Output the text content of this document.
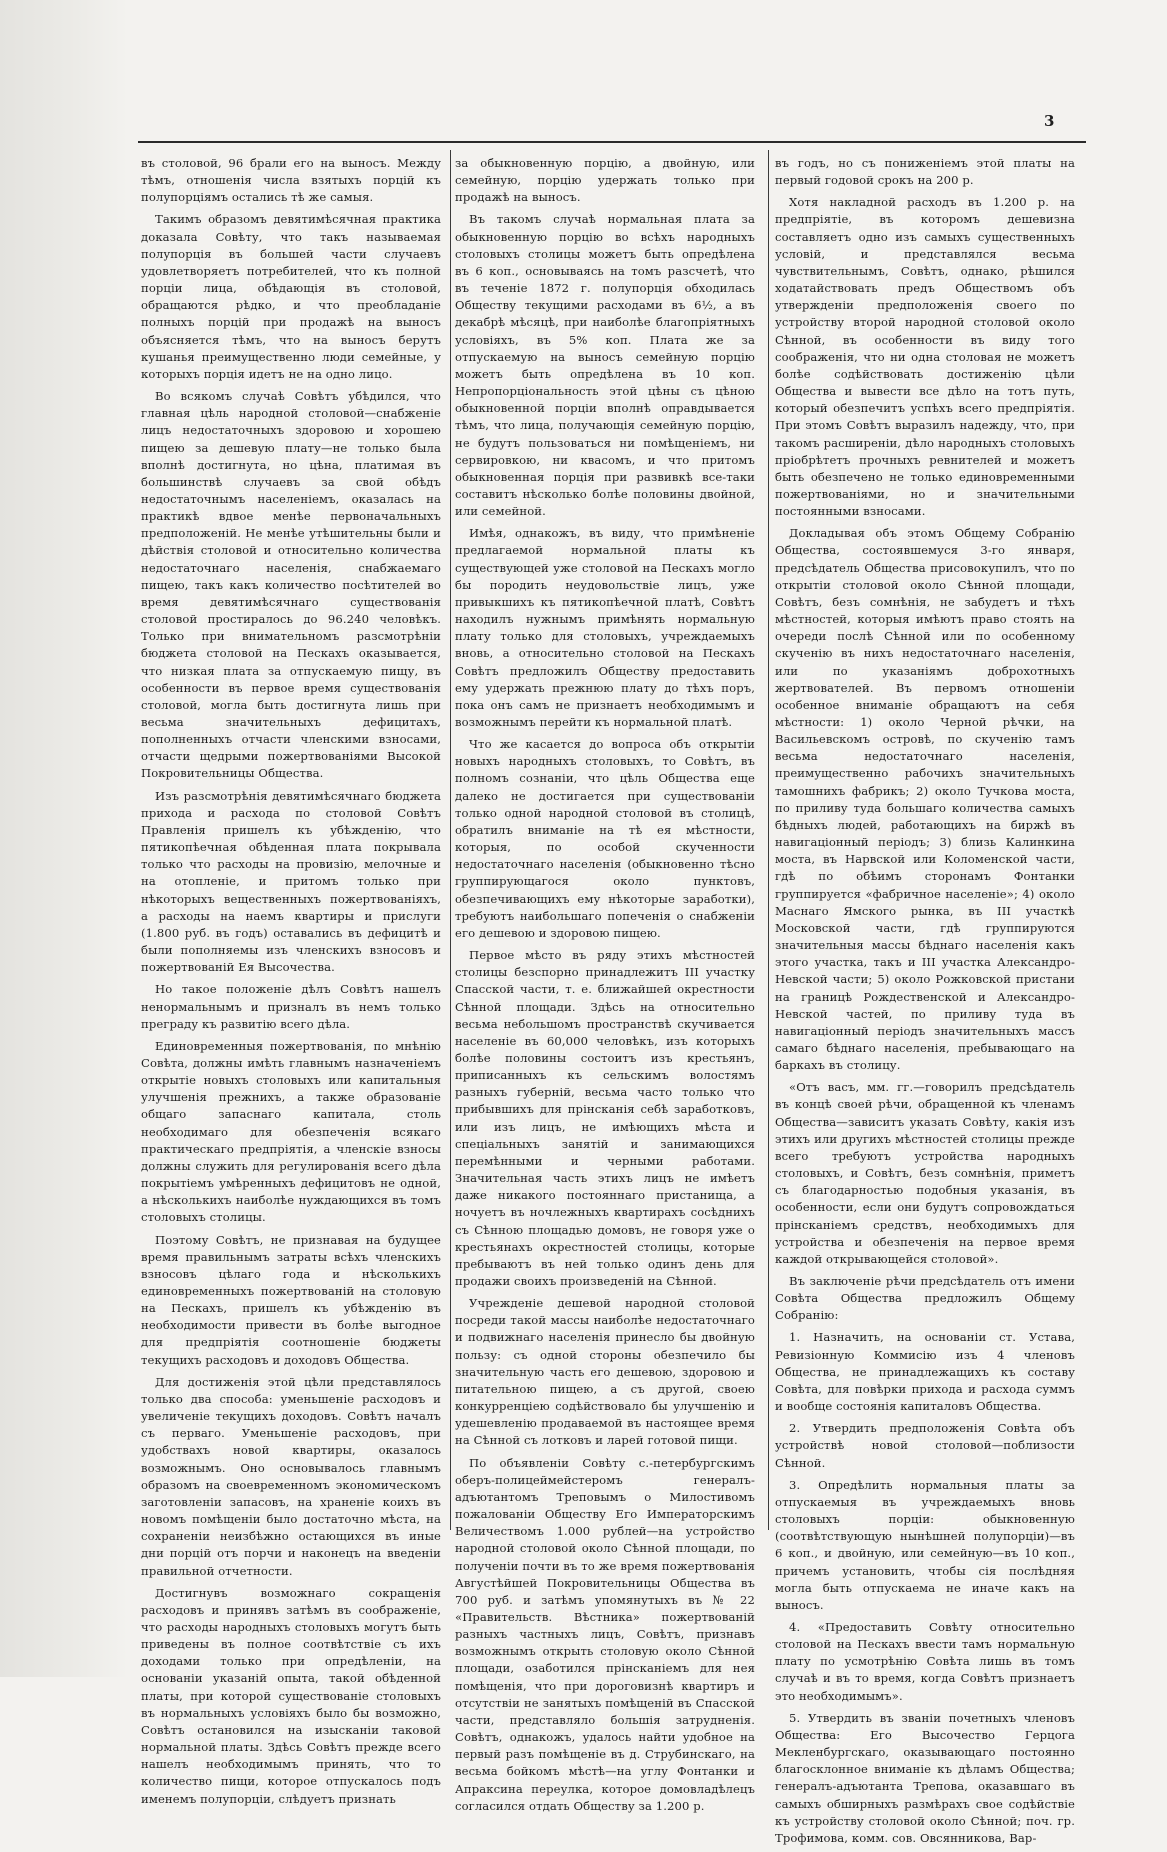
3

въ столовой, 96 брали его на выносъ. Между тѣмъ, отношенія числа взятыхъ порцій къ полупорціямъ остались тѣ же самыя.

Такимъ образомъ девятимѣсячная практика доказала Совѣту, что такъ называемая полупорція въ большей части случаевъ удовлетворяетъ потребителей, что къ полной порціи лица, обѣдающія въ столовой, обращаются рѣдко, и что преобладаніе полныхъ порцій при продажѣ на выносъ объясняется тѣмъ, что на выносъ берутъ кушанья преимущественно люди семейные, у которыхъ порція идетъ не на одно лицо.

Во всякомъ случаѣ Совѣтъ убѣдился, что главная цѣль народной столовой—снабженіе лицъ недостаточныхъ здоровою и хорошею пищею за дешевую плату—не только была вполнѣ достигнута, но цѣна, платимая въ большинствѣ случаевъ за свой обѣдъ недостаточнымъ населеніемъ, оказалась на практикѣ вдвое менѣе первоначальныхъ предположеній. Не менѣе утѣшительны были и дѣйствія столовой и относительно количества недостаточнаго населенія, снабжаемаго пищею, такъ какъ количество посѣтителей во время девятимѣсячнаго существованія столовой простиралось до 96.240 человѣкъ. Только при внимательномъ разсмотрѣніи бюджета столовой на Пескахъ оказывается, что низкая плата за отпускаемую пищу, въ особенности въ первое время существованія столовой, могла быть достигнута лишь при весьма значительныхъ дефицитахъ, пополненныхъ отчасти членскими взносами, отчасти щедрыми пожертвованіями Высокой Покровительницы Общества.

Изъ разсмотрѣнія девятимѣсячнаго бюджета прихода и расхода по столовой Совѣтъ Правленія пришелъ къ убѣжденію, что пятикопѣечная обѣденная плата покрывала только что расходы на провизію, мелочные и на отопленіе, и притомъ только при нѣкоторыхъ вещественныхъ пожертвованіяхъ, а расходы на наемъ квартиры и прислуги (1.800 руб. въ годъ) оставались въ дефицитѣ и были пополняемы изъ членскихъ взносовъ и пожертвованій Ея Высочества.

Но такое положеніе дѣлъ Совѣтъ нашелъ ненормальнымъ и призналъ въ немъ только преграду къ развитію всего дѣла.

Единовременныя пожертвованія, по мнѣнію Совѣта, должны имѣть главнымъ назначеніемъ открытіе новыхъ столовыхъ или капитальныя улучшенія прежнихъ, а также образованіе общаго запаснаго капитала, столь необходимаго для обезпеченія всякаго практическаго предпріятія, а членскіе взносы должны служить для регулированія всего дѣла покрытіемъ умѣренныхъ дефицитовъ не одной, а нѣсколькихъ наиболѣе нуждающихся въ томъ столовыхъ столицы.

Поэтому Совѣтъ, не признавая на будущее время правильнымъ затраты всѣхъ членскихъ взносовъ цѣлаго года и нѣсколькихъ единовременныхъ пожертвованій на столовую на Пескахъ, пришелъ къ убѣжденію въ необходимости привести въ болѣе выгодное для предпріятія соотношеніе бюджеты текущихъ расходовъ и доходовъ Общества.

Для достиженія этой цѣли представлялось только два способа: уменьшеніе расходовъ и увеличеніе текущихъ доходовъ. Совѣтъ началъ съ перваго. Уменьшеніе расходовъ, при удобствахъ новой квартиры, оказалось возможнымъ. Оно основывалось главнымъ образомъ на своевременномъ экономическомъ заготовленіи запасовъ, на храненіе коихъ въ новомъ помѣщеніи было достаточно мѣста, на сохраненіи неизбѣжно остающихся въ иные дни порцій отъ порчи и наконецъ на введеніи правильной отчетности.

Достигнувъ возможнаго сокращенія расходовъ и принявъ затѣмъ въ соображеніе, что расходы народныхъ столовыхъ могутъ быть приведены въ полное соотвѣтствіе съ ихъ доходами только при опредѣленіи, на основаніи указаній опыта, такой обѣденной платы, при которой существованіе столовыхъ въ нормальныхъ условіяхъ было бы возможно, Совѣтъ остановился на изысканіи таковой нормальной платы. Здѣсь Совѣтъ прежде всего нашелъ необходимымъ принять, что то количество пищи, которое отпускалось подъ именемъ полупорціи, слѣдуетъ признать

за обыкновенную порцію, а двойную, или семейную, порцію удержать только при продажѣ на выносъ.

Въ такомъ случаѣ нормальная плата за обыкновенную порцію во всѣхъ народныхъ столовыхъ столицы можетъ быть опредѣлена въ 6 коп., основываясь на томъ разсчетѣ, что въ теченіе 1872 г. полупорція обходилась Обществу текущими расходами въ 6½, а въ декабрѣ мѣсяцѣ, при наиболѣе благопріятныхъ условіяхъ, въ 5% коп. Плата же за отпускаемую на выносъ семейную порцію можетъ быть опредѣлена въ 10 коп. Непропорціональность этой цѣны съ цѣною обыкновенной порціи вполнѣ оправдывается тѣмъ, что лица, получающія семейную порцію, не будутъ пользоваться ни помѣщеніемъ, ни сервировкою, ни квасомъ, и что притомъ обыкновенная порція при развивкѣ все-таки составитъ нѣсколько болѣе половины двойной, или семейной.

Имѣя, однакожъ, въ виду, что примѣненіе предлагаемой нормальной платы къ существующей уже столовой на Пескахъ могло бы породить неудовольствіе лицъ, уже привыкшихъ къ пятикопѣечной платѣ, Совѣтъ находилъ нужнымъ примѣнять нормальную плату только для столовыхъ, учреждаемыхъ вновь, а относительно столовой на Пескахъ Совѣтъ предложилъ Обществу предоставить ему удержать прежнюю плату до тѣхъ поръ, пока онъ самъ не признаетъ необходимымъ и возможнымъ перейти къ нормальной платѣ.

Что же касается до вопроса объ открытіи новыхъ народныхъ столовыхъ, то Совѣтъ, въ полномъ сознаніи, что цѣль Общества еще далеко не достигается при существованіи только одной народной столовой въ столицѣ, обратилъ вниманіе на тѣ ея мѣстности, которыя, по особой скученности недостаточнаго населенія (обыкновенно тѣсно группирующагося около пунктовъ, обезпечивающихъ ему нѣкоторые заработки), требуютъ наибольшаго попеченія о снабженіи его дешевою и здоровою пищею.

Первое мѣсто въ ряду этихъ мѣстностей столицы безспорно принадлежитъ III участку Спасской части, т. е. ближайшей окрестности Сѣнной площади. Здѣсь на относительно весьма небольшомъ пространствѣ скучивается населеніе въ 60,000 человѣкъ, изъ которыхъ болѣе половины состоитъ изъ крестьянъ, приписанныхъ къ сельскимъ волостямъ разныхъ губерній, весьма часто только что прибывшихъ для прінсканія себѣ заработковъ, или изъ лицъ, не имѣющихъ мѣста и спеціальныхъ занятій и занимающихся перемѣнными и черными работами. Значительная часть этихъ лицъ не имѣетъ даже никакого постояннаго пристанища, а ночуетъ въ ночлежныхъ квартирахъ сосѣднихъ съ Сѣнною площадью домовъ, не говоря уже о крестьянахъ окрестностей столицы, которые пребываютъ въ ней только одинъ день для продажи своихъ произведеній на Сѣнной.

Учрежденіе дешевой народной столовой посреди такой массы наиболѣе недостаточнаго и подвижнаго населенія принесло бы двойную пользу: съ одной стороны обезпечило бы значительную часть его дешевою, здоровою и питательною пищею, а съ другой, своею конкурренціею содѣйствовало бы улучшенію и удешевленію продаваемой въ настоящее время на Сѣнной съ лотковъ и ларей готовой пищи.

По объявленіи Совѣту с.-петербургскимъ оберъ-полицеймейстеромъ генералъ-адъютантомъ Треповымъ о Милостивомъ пожалованіи Обществу Его Императорскимъ Величествомъ 1.000 рублей—на устройство народной столовой около Сѣнной площади, по полученіи почти въ то же время пожертвованія Августѣйшей Покровительницы Общества въ 700 руб. и затѣмъ упомянутыхъ въ № 22 «Правительств. Вѣстника» пожертвованій разныхъ частныхъ лицъ, Совѣтъ, признавъ возможнымъ открыть столовую около Сѣнной площади, озаботился прінсканіемъ для нея помѣщенія, что при дороговизнѣ квартиръ и отсутствіи не занятыхъ помѣщеній въ Спасской части, представляло большія затрудненія. Совѣтъ, однакожъ, удалось найти удобное на первый разъ помѣщеніе въ д. Струбинскаго, на весьма бойкомъ мѣстѣ—на углу Фонтанки и Апраксина переулка, которое домовладѣлецъ согласился отдать Обществу за 1.200 р.

въ годъ, но съ пониженіемъ этой платы на первый годовой срокъ на 200 р.

Хотя накладной расходъ въ 1.200 р. на предпріятіе, въ которомъ дешевизна составляетъ одно изъ самыхъ существенныхъ условій, и представлялся весьма чувствительнымъ, Совѣтъ, однако, рѣшился ходатайствовать предъ Обществомъ объ утвержденіи предположенія своего по устройству второй народной столовой около Сѣнной, въ особенности въ виду того соображенія, что ни одна столовая не можетъ болѣе содѣйствовать достиженію цѣли Общества и вывести все дѣло на тотъ путь, который обезпечитъ успѣхъ всего предпріятія. При этомъ Совѣтъ выразилъ надежду, что, при такомъ расширеніи, дѣло народныхъ столовыхъ пріобрѣтетъ прочныхъ ревнителей и можетъ быть обезпечено не только единовременными пожертвованіями, но и значительными постоянными взносами.

Докладывая объ этомъ Общему Собранію Общества, состоявшемуся 3-го января, предсѣдатель Общества присовокупилъ, что по открытіи столовой около Сѣнной площади, Совѣтъ, безъ сомнѣнія, не забудетъ и тѣхъ мѣстностей, которыя имѣютъ право стоять на очереди послѣ Сѣнной или по особенному скученію въ нихъ недостаточнаго населенія, или по указаніямъ доброхотныхъ жертвователей. Въ первомъ отношеніи особенное вниманіе обращаютъ на себя мѣстности: 1) около Черной рѣчки, на Васильевскомъ островѣ, по скученію тамъ весьма недостаточнаго населенія, преимущественно рабочихъ значительныхъ тамошнихъ фабрикъ; 2) около Тучкова моста, по приливу туда большаго количества самыхъ бѣдныхъ людей, работающихъ на биржѣ въ навигаціонный періодъ; 3) близь Калинкина моста, въ Нарвской или Коломенской части, гдѣ по обѣимъ сторонамъ Фонтанки группируется «фабричное населеніе»; 4) около Маснаго Ямского рынка, въ III участкѣ Московской части, гдѣ группируются значительныя массы бѣднаго населенія какъ этого участка, такъ и III участка Александро-Невской части; 5) около Рожковской пристани на границѣ Рождественской и Александро-Невской частей, по приливу туда въ навигаціонный періодъ значительныхъ массъ самаго бѣднаго населенія, пребывающаго на баркахъ въ столицу.

«Отъ васъ, мм. гг.—говорилъ предсѣдатель въ концѣ своей рѣчи, обращенной къ членамъ Общества—зависитъ указать Совѣту, какія изъ этихъ или другихъ мѣстностей столицы прежде всего требуютъ устройства народныхъ столовыхъ, и Совѣтъ, безъ сомнѣнія, приметъ съ благодарностью подобныя указанія, въ особенности, если они будутъ сопровождаться прінсканіемъ средствъ, необходимыхъ для устройства и обезпеченія на первое время каждой открывающейся столовой».

Въ заключеніе рѣчи предсѣдатель отъ имени Совѣта Общества предложилъ Общему Собранію:

1. Назначить, на основаніи ст. Устава, Ревизіонную Коммисію изъ 4 членовъ Общества, не принадлежащихъ къ составу Совѣта, для повѣрки прихода и расхода суммъ и вообще состоянія капиталовъ Общества.

2. Утвердить предположенія Совѣта объ устройствѣ новой столовой—поблизости Сѣнной.

3. Опредѣлить нормальныя платы за отпускаемыя въ учреждаемыхъ вновь столовыхъ порціи: обыкновенную (соотвѣтствующую нынѣшней полупорціи)—въ 6 коп., и двойную, или семейную—въ 10 коп., причемъ установить, чтобы сія послѣдняя могла быть отпускаема не иначе какъ на выносъ.

4. «Предоставить Совѣту относительно столовой на Пескахъ ввести тамъ нормальную плату по усмотрѣнію Совѣта лишь въ томъ случаѣ и въ то время, когда Совѣтъ признаетъ это необходимымъ».

5. Утвердить въ званіи почетныхъ членовъ Общества: Его Высочество Герцога Мекленбургскаго, оказывающаго постоянно благосклонное вниманіе къ дѣламъ Общества; генералъ-адъютанта Трепова, оказавшаго въ самыхъ обширныхъ размѣрахъ свое содѣйствіе къ устройству столовой около Сѣнной; поч. гр. Трофимова, комм. сов. Овсянникова, Вар-
